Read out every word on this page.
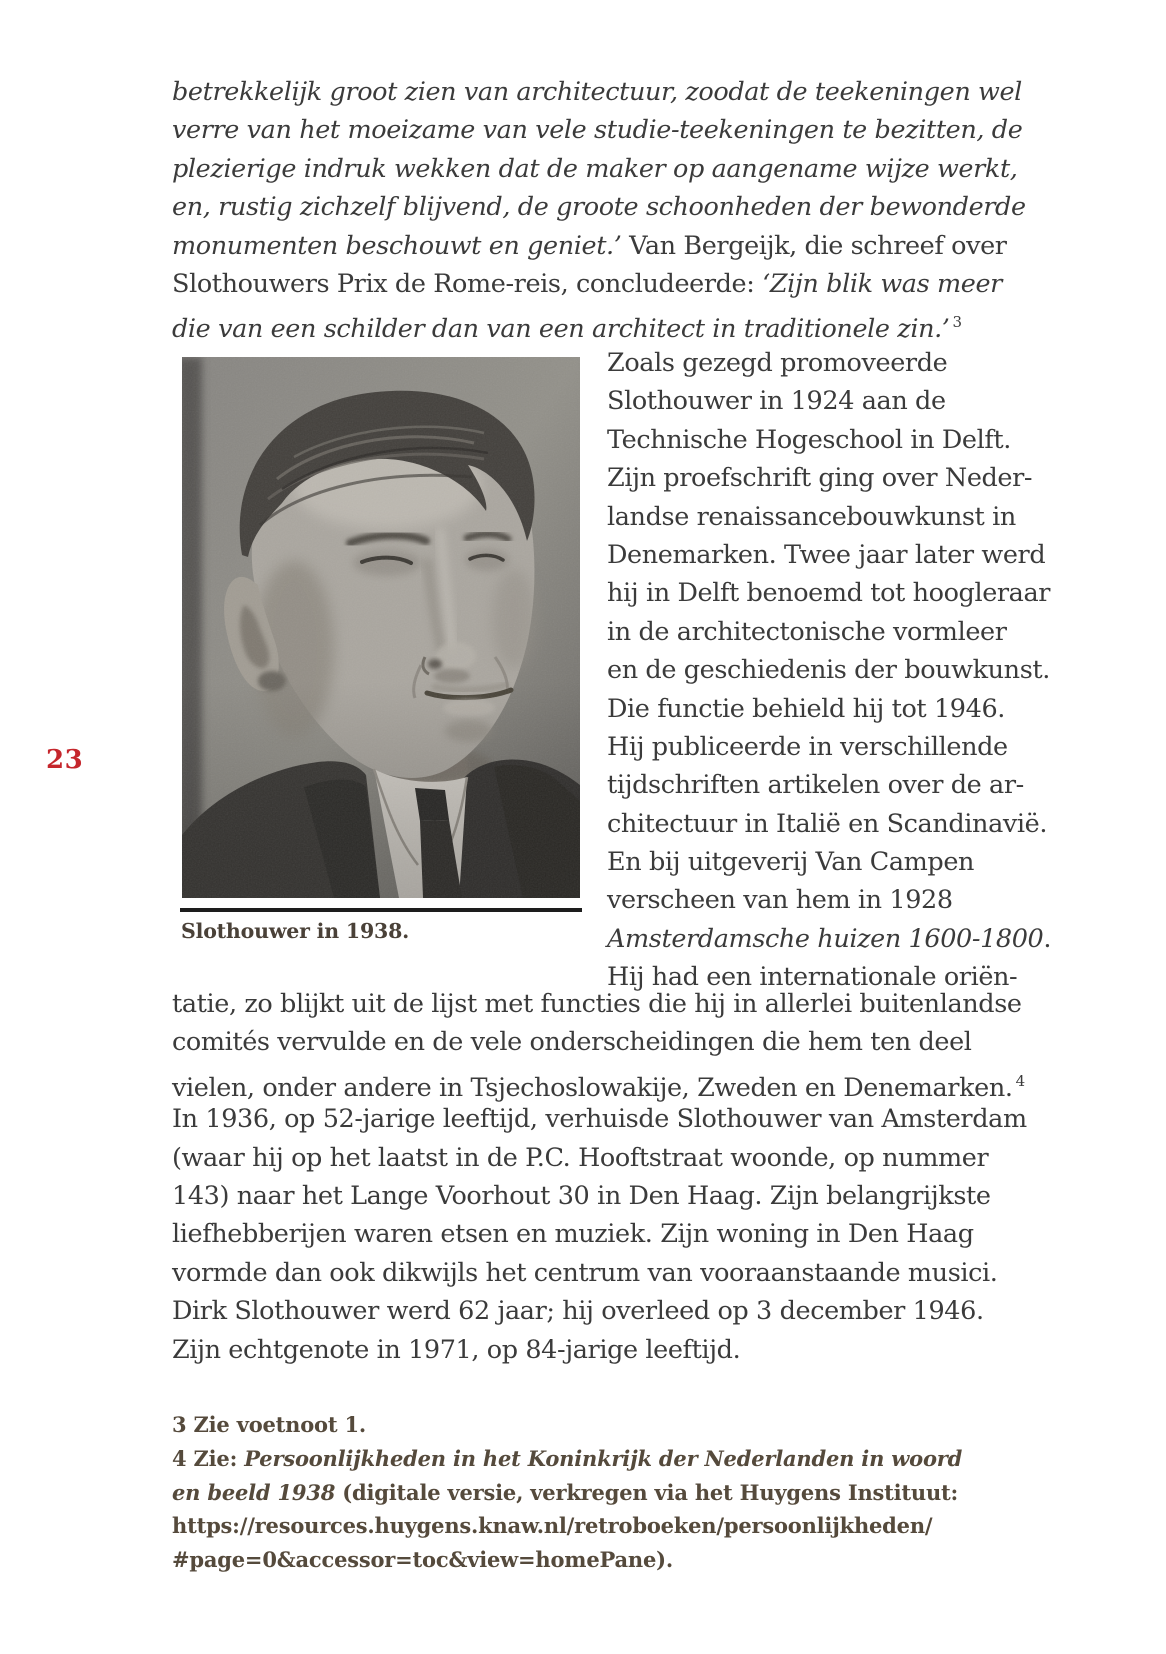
23
betrekkelijk groot zien van architectuur, zoodat de teekeningen wel
verre van het moeizame van vele studie-teekeningen te bezitten, de
plezierige indruk wekken dat de maker op aangename wijze werkt,
en, rustig zichzelf blijvend, de groote schoonheden der bewonderde
monumenten beschouwt en geniet.’ Van Bergeijk, die schreef over
Slothouwers Prix de Rome-reis, concludeerde: ‘Zijn blik was meer
die van een schilder dan van een architect in traditionele zin.’ $^3$
Slothouwer in 1938.
Zoals gezegd promoveerde
Slothouwer in 1924 aan de
Technische Hogeschool in Delft.
Zijn proefschrift ging over Neder-
landse renaissancebouwkunst in
Denemarken. Twee jaar later werd
hij in Delft benoemd tot hoogleraar
in de architectonische vormleer
en de geschiedenis der bouwkunst.
Die functie behield hij tot 1946.
Hij publiceerde in verschillende
tijdschriften artikelen over de ar-
chitectuur in Italië en Scandinavië.
En bij uitgeverij Van Campen
verscheen van hem in 1928
Amsterdamsche huizen 1600-1800.
Hij had een internationale oriën-
tatie, zo blijkt uit de lijst met functies die hij in allerlei buitenlandse
comités vervulde en de vele onderscheidingen die hem ten deel
vielen, onder andere in Tsjechoslowakije, Zweden en Denemarken. $^4$
In 1936, op 52-jarige leeftijd, verhuisde Slothouwer van Amsterdam
(waar hij op het laatst in de P.C. Hooftstraat woonde, op nummer
143) naar het Lange Voorhout 30 in Den Haag. Zijn belangrijkste
liefhebberijen waren etsen en muziek. Zijn woning in Den Haag
vormde dan ook dikwijls het centrum van vooraanstaande musici.
Dirk Slothouwer werd 62 jaar; hij overleed op 3 december 1946.
Zijn echtgenote in 1971, op 84-jarige leeftijd.
3 Zie voetnoot 1.
4 Zie: Persoonlijkheden in het Koninkrijk der Nederlanden in woord
en beeld 1938 (digitale versie, verkregen via het Huygens Instituut:
https://resources.huygens.knaw.nl/retroboeken/persoonlijkheden/
#page=0&accessor=toc&view=homePane).
